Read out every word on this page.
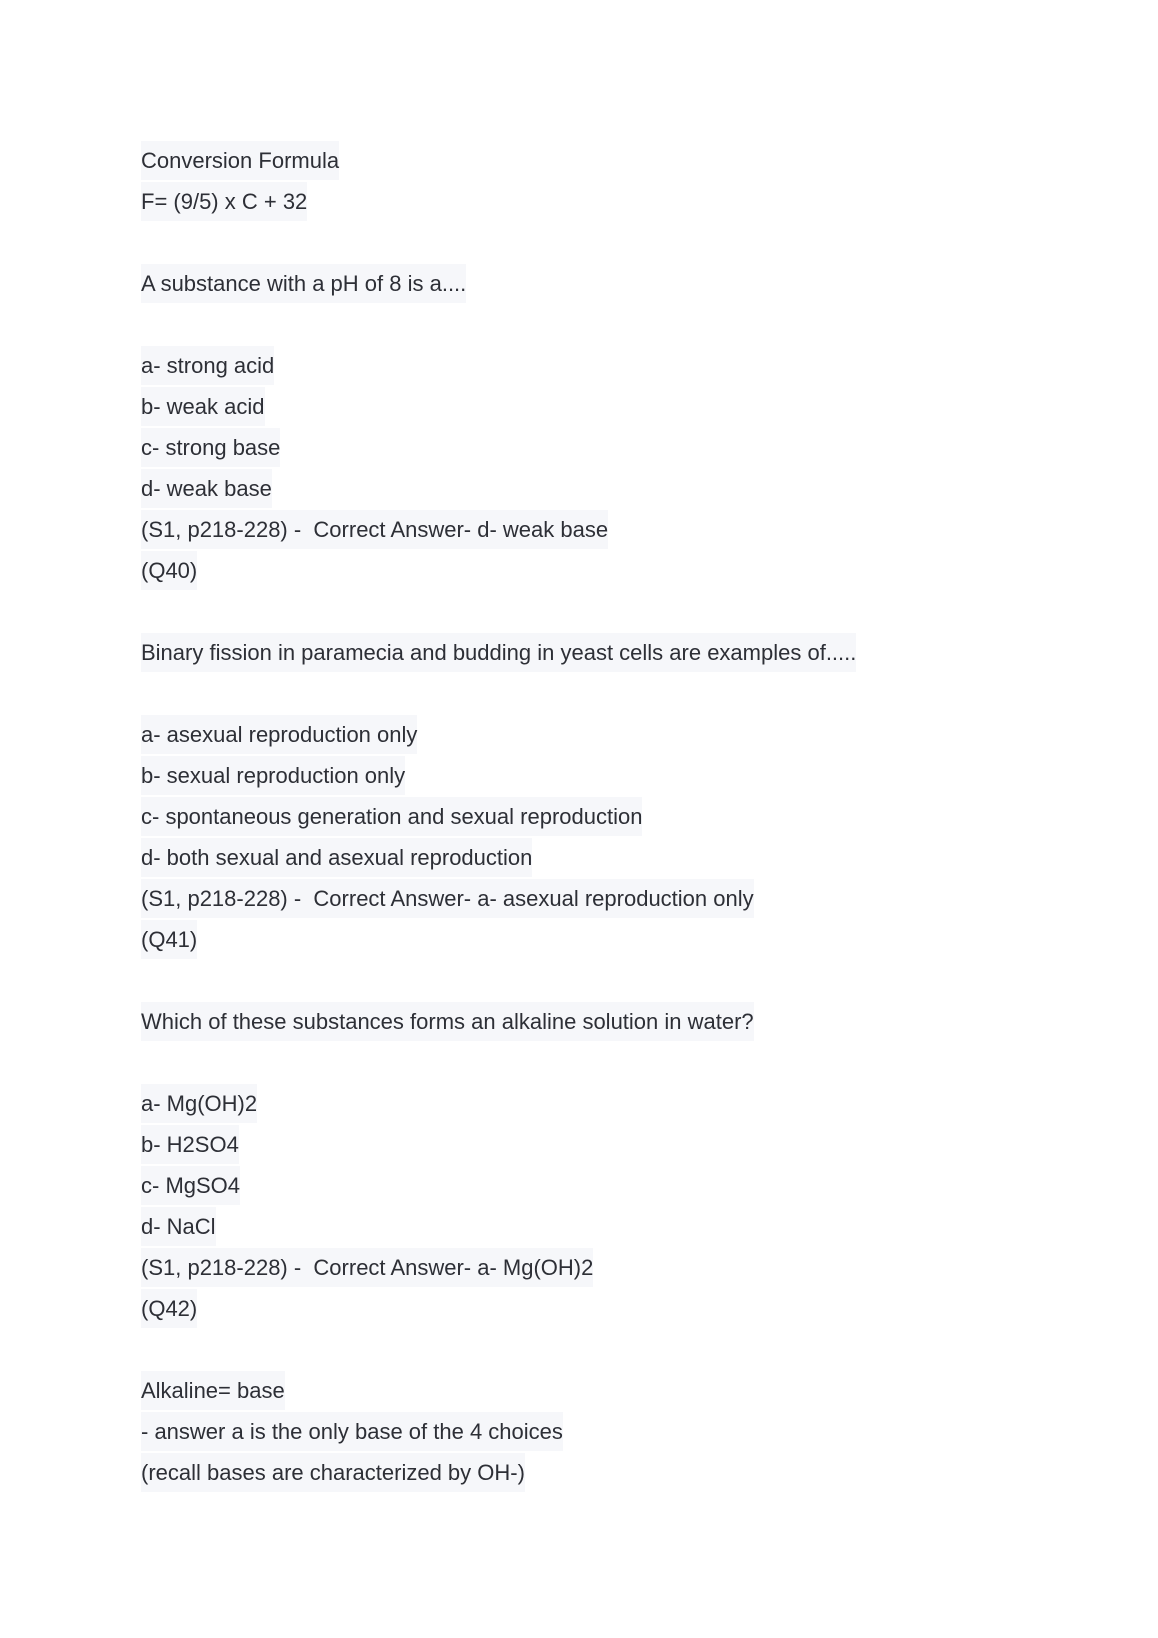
Conversion Formula
F= (9/5) x C + 32
A substance with a pH of 8 is a....
a- strong acid
b- weak acid
c- strong base
d- weak base
(S1, p218-228) -  Correct Answer- d- weak base
(Q40)
Binary fission in paramecia and budding in yeast cells are examples of.....
a- asexual reproduction only
b- sexual reproduction only
c- spontaneous generation and sexual reproduction
d- both sexual and asexual reproduction
(S1, p218-228) -  Correct Answer- a- asexual reproduction only
(Q41)
Which of these substances forms an alkaline solution in water?
a- Mg(OH)2
b- H2SO4
c- MgSO4
d- NaCl
(S1, p218-228) -  Correct Answer- a- Mg(OH)2
(Q42)
Alkaline= base
- answer a is the only base of the 4 choices
(recall bases are characterized by OH-)
